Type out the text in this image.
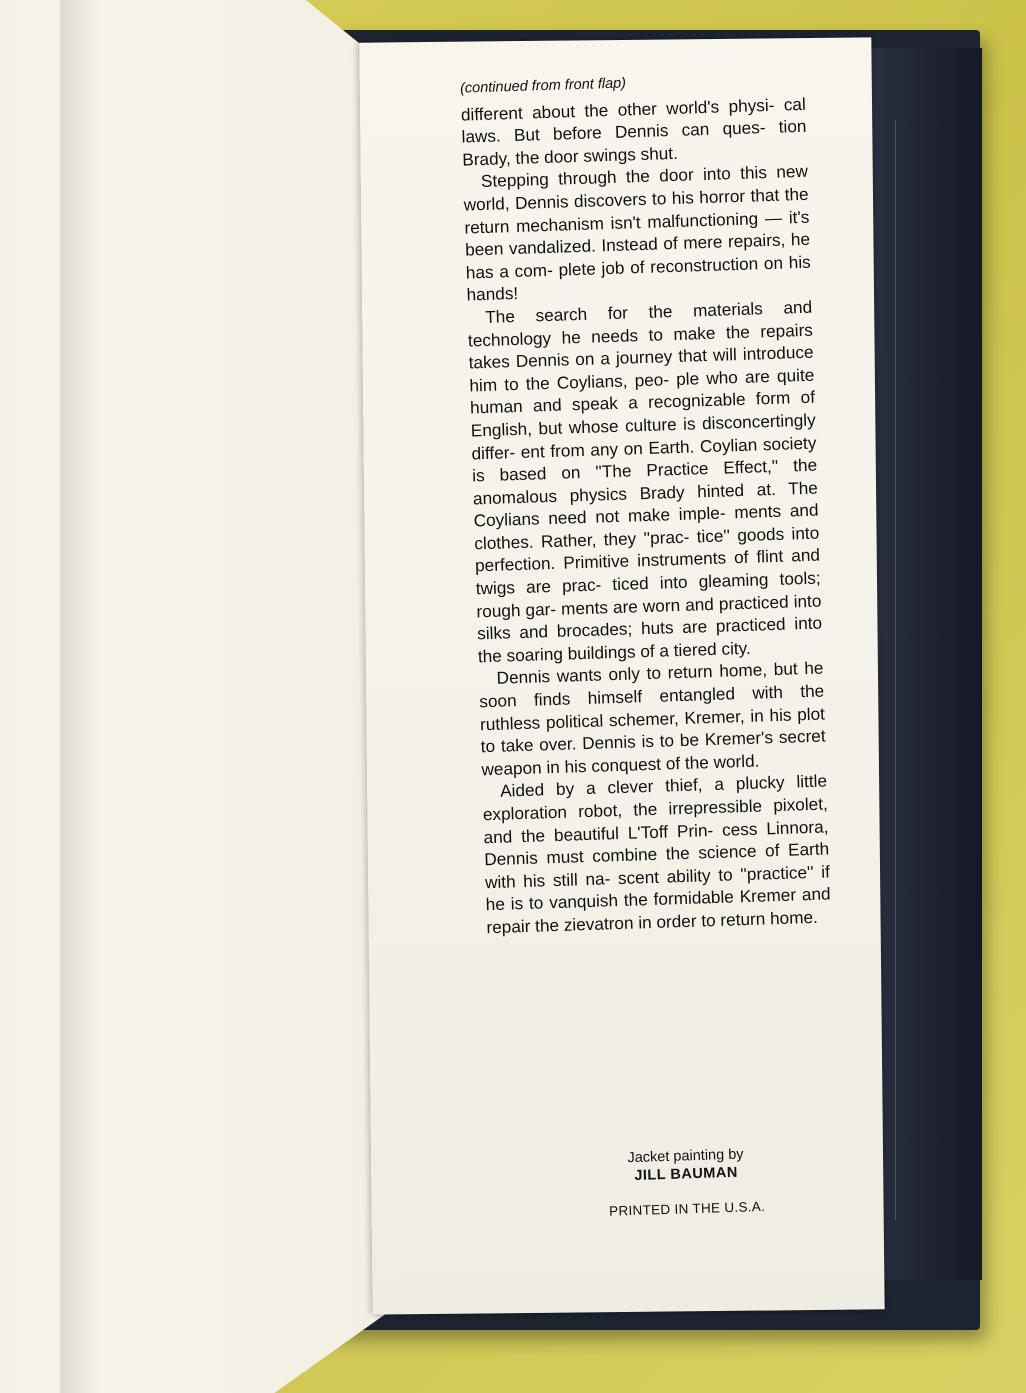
(continued from front flap)

different about the other world's physi- cal laws. But before Dennis can ques- tion Brady, the door swings shut.

Stepping through the door into this new world, Dennis discovers to his horror that the return mechanism isn't malfunctioning — it's been vandalized. Instead of mere repairs, he has a com- plete job of reconstruction on his hands!

The search for the materials and technology he needs to make the repairs takes Dennis on a journey that will introduce him to the Coylians, peo- ple who are quite human and speak a recognizable form of English, but whose culture is disconcertingly differ- ent from any on Earth. Coylian society is based on ''The Practice Effect,'' the anomalous physics Brady hinted at. The Coylians need not make imple- ments and clothes. Rather, they ''prac- tice'' goods into perfection. Primitive instruments of flint and twigs are prac- ticed into gleaming tools; rough gar- ments are worn and practiced into silks and brocades; huts are practiced into the soaring buildings of a tiered city.

Dennis wants only to return home, but he soon finds himself entangled with the ruthless political schemer, Kremer, in his plot to take over. Dennis is to be Kremer's secret weapon in his conquest of the world.

Aided by a clever thief, a plucky little exploration robot, the irrepressible pixolet, and the beautiful L'Toff Prin- cess Linnora, Dennis must combine the science of Earth with his still na- scent ability to ''practice'' if he is to vanquish the formidable Kremer and repair the zievatron in order to return home.

Jacket painting by
JILL BAUMAN
PRINTED IN THE U.S.A.
